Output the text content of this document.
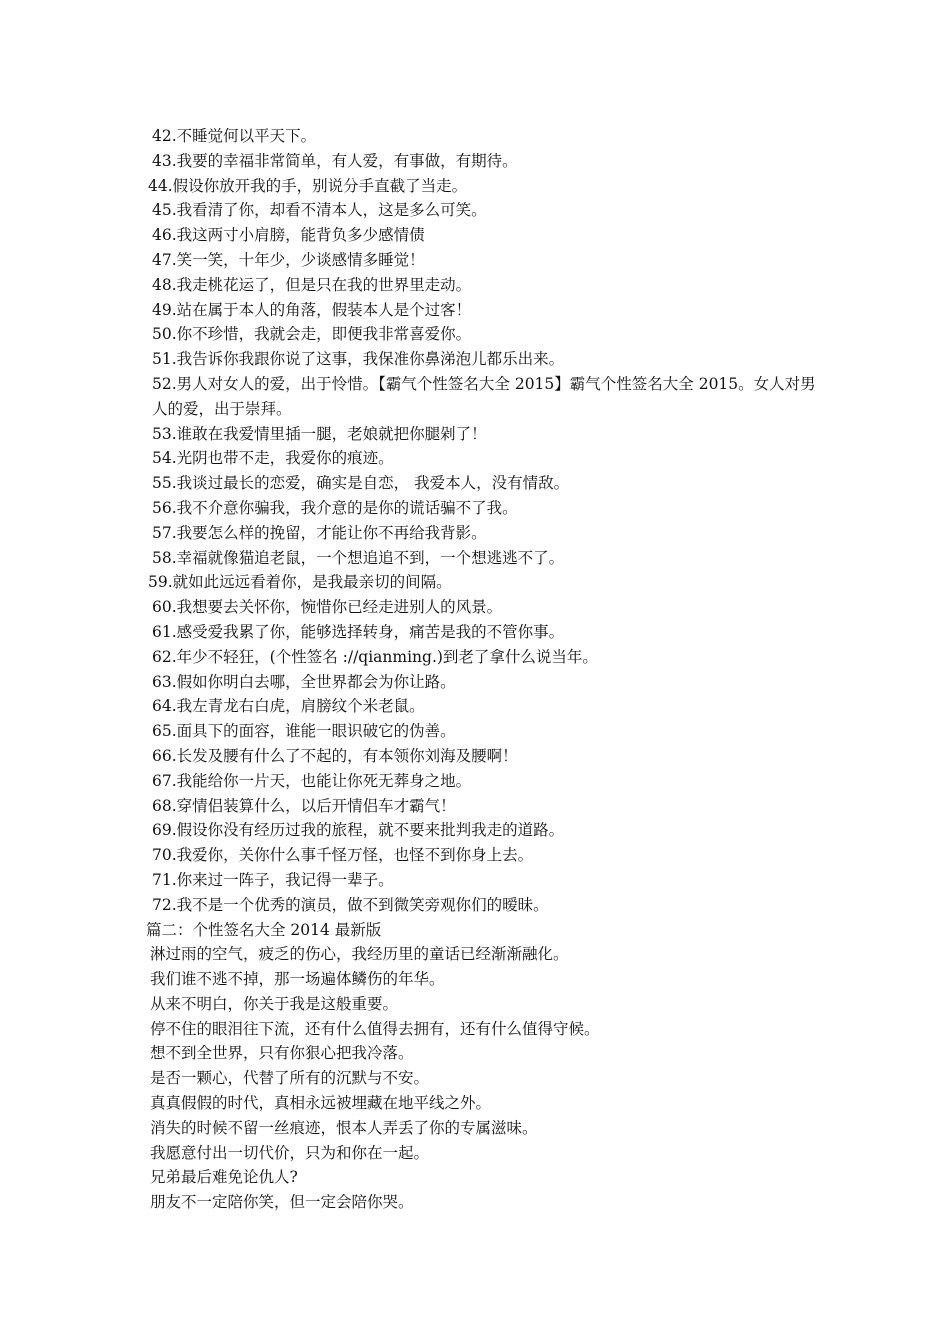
42.不睡觉何以平天下。

43.我要的幸福非常简单，有人爱，有事做，有期待。

44.假设你放开我的手，别说分手直截了当走。

45.我看清了你，却看不清本人，这是多么可笑。

46.我这两寸小肩膀，能背负多少感情债

47.笑一笑，十年少，少谈感情多睡觉！

48.我走桃花运了，但是只在我的世界里走动。

49.站在属于本人的角落，假装本人是个过客！

50.你不珍惜，我就会走，即便我非常喜爱你。

51.我告诉你我跟你说了这事，我保准你鼻涕泡儿都乐出来。

52.男人对女人的爱，出于怜惜。【霸气个性签名大全 2015】霸气个性签名大全 2015。女人对男人的爱，出于崇拜。

53.谁敢在我爱情里插一腿，老娘就把你腿剁了！

54.光阴也带不走，我爱你的痕迹。

55.我谈过最长的恋爱，确实是自恋， 我爱本人，没有情敌。

56.我不介意你骗我，我介意的是你的谎话骗不了我。

57.我要怎么样的挽留，才能让你不再给我背影。

58.幸福就像猫追老鼠，一个想追追不到，一个想逃逃不了。

59.就如此远远看着你，是我最亲切的间隔。

60.我想要去关怀你，惋惜你已经走进别人的风景。

61.感受爱我累了你，能够选择转身，痛苦是我的不管你事。

62.年少不轻狂，(个性签名 ://qianming.)到老了拿什么说当年。

63.假如你明白去哪，全世界都会为你让路。

64.我左青龙右白虎，肩膀纹个米老鼠。

65.面具下的面容，谁能一眼识破它的伪善。

66.长发及腰有什么了不起的，有本领你刘海及腰啊！

67.我能给你一片天，也能让你死无葬身之地。

68.穿情侣装算什么，以后开情侣车才霸气！

69.假设你没有经历过我的旅程，就不要来批判我走的道路。

70.我爱你，关你什么事千怪万怪，也怪不到你身上去。

71.你来过一阵子，我记得一辈子。

72.我不是一个优秀的演员，做不到微笑旁观你们的暧昧。

篇二：个性签名大全 2014 最新版

淋过雨的空气，疲乏的伤心，我经历里的童话已经渐渐融化。

我们谁不逃不掉，那一场遍体鳞伤的年华。

从来不明白，你关于我是这般重要。

停不住的眼泪往下流，还有什么值得去拥有，还有什么值得守候。

想不到全世界，只有你狠心把我冷落。

是否一颗心，代替了所有的沉默与不安。

真真假假的时代，真相永远被埋藏在地平线之外。

消失的时候不留一丝痕迹，恨本人弄丢了你的专属滋味。

我愿意付出一切代价，只为和你在一起。

兄弟最后难免论仇人?

朋友不一定陪你笑，但一定会陪你哭。
